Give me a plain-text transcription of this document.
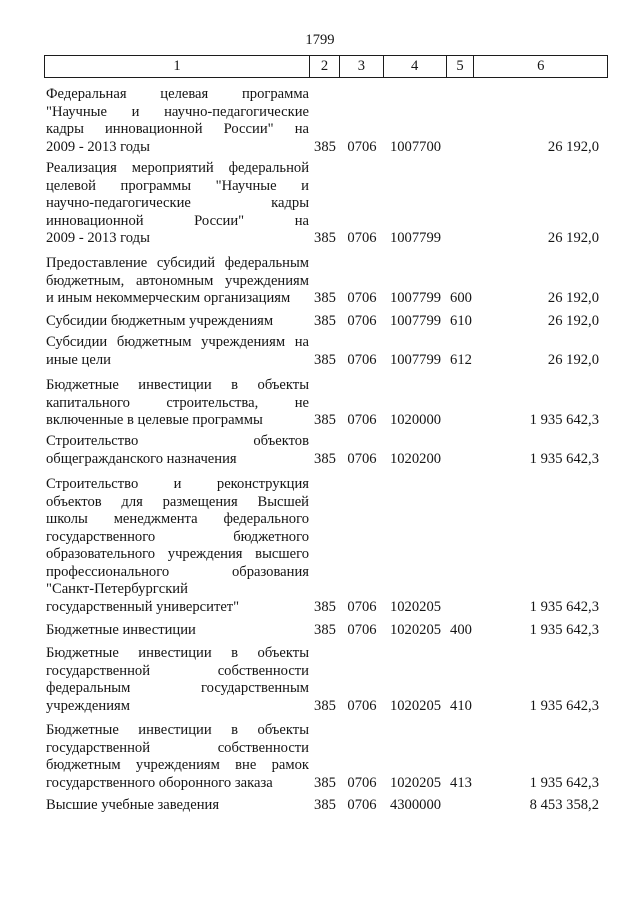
1799
1	2	3	4	5	6
Федеральная целевая программа
"Научные и научно-педагогические
кадры инновационной России" на
2009 - 2013 годы	385 0706 1007700	26 192,0
Реализация мероприятий федеральной
целевой программы "Научные и
научно-педагогические кадры
инновационной России" на
2009 - 2013 годы	385 0706 1007799	26 192,0
Предоставление субсидий федеральным
бюджетным, автономным учреждениям
и иным некоммерческим организациям	385 0706 1007799 600	26 192,0
Субсидии бюджетным учреждениям	385 0706 1007799 610	26 192,0
Субсидии бюджетным учреждениям на
иные цели	385 0706 1007799 612	26 192,0
Бюджетные инвестиции в объекты
капитального строительства, не
включенные в целевые программы	385 0706 1020000	1 935 642,3
Строительство объектов
общегражданского назначения	385 0706 1020200	1 935 642,3
Строительство и реконструкция
объектов для размещения Высшей
школы менеджмента федерального
государственного бюджетного
образовательного учреждения высшего
профессионального образования
"Санкт-Петербургский
государственный университет"	385 0706 1020205	1 935 642,3
Бюджетные инвестиции	385 0706 1020205 400	1 935 642,3
Бюджетные инвестиции в объекты
государственной собственности
федеральным государственным
учреждениям	385 0706 1020205 410	1 935 642,3
Бюджетные инвестиции в объекты
государственной собственности
бюджетным учреждениям вне рамок
государственного оборонного заказа	385 0706 1020205 413	1 935 642,3
Высшие учебные заведения	385 0706 4300000	8 453 358,2
